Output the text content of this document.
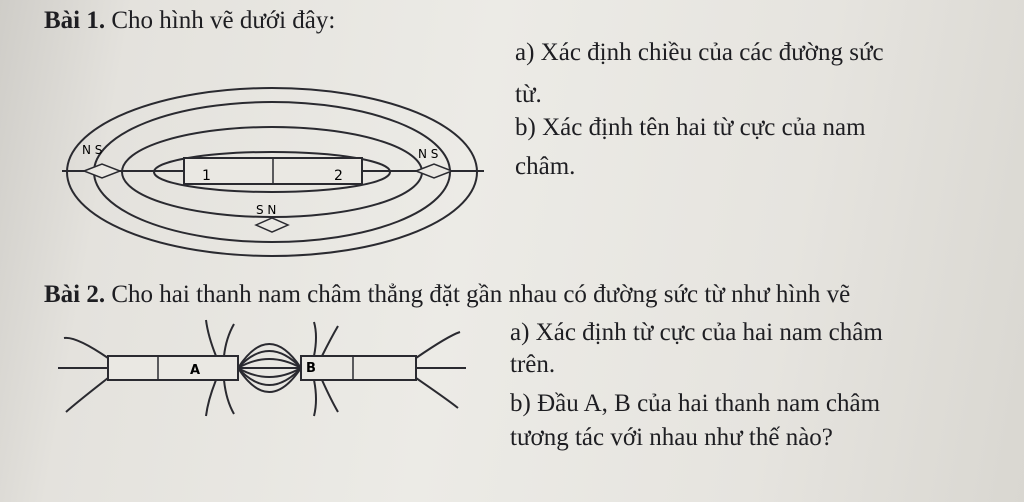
Bài 1. Cho hình vẽ dưới đây:
a) Xác định chiều của các đường sức
từ.
b) Xác định tên hai từ cực của nam
châm.
1	2
N S	N S
S N
Bài 2. Cho hai thanh nam châm thẳng đặt gần nhau có đường sức từ như hình vẽ
a) Xác định từ cực của hai nam châm
trên.
b) Đầu A, B của hai thanh nam châm
tương tác với nhau như thế nào?
A	B
